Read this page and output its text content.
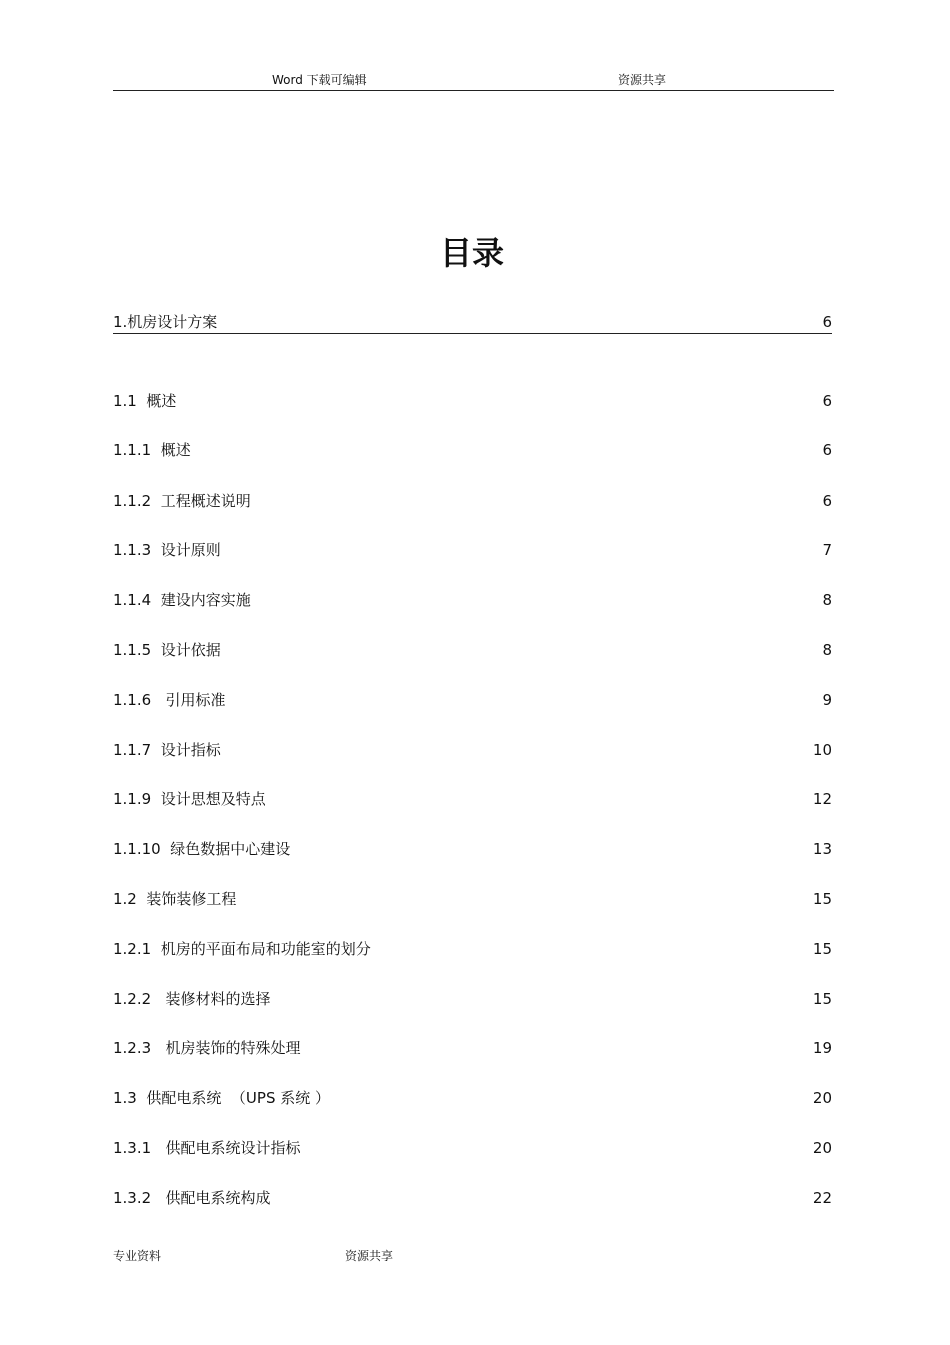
Word 下载可编辑	资源共享
目录
1.机房设计方案	6
1.1  概述	6
1.1.1  概述	6
1.1.2  工程概述说明	6
1.1.3  设计原则	7
1.1.4  建设内容实施	8
1.1.5  设计依据	8
1.1.6   引用标准	9
1.1.7  设计指标	10
1.1.9  设计思想及特点	12
1.1.10  绿色数据中心建设	13
1.2  装饰装修工程	15
1.2.1  机房的平面布局和功能室的划分	15
1.2.2   装修材料的选择	15
1.2.3   机房装饰的特殊处理	19
1.3  供配电系统  （UPS 系统 ）	20
1.3.1   供配电系统设计指标	20
1.3.2   供配电系统构成	22
专业资料	资源共享
